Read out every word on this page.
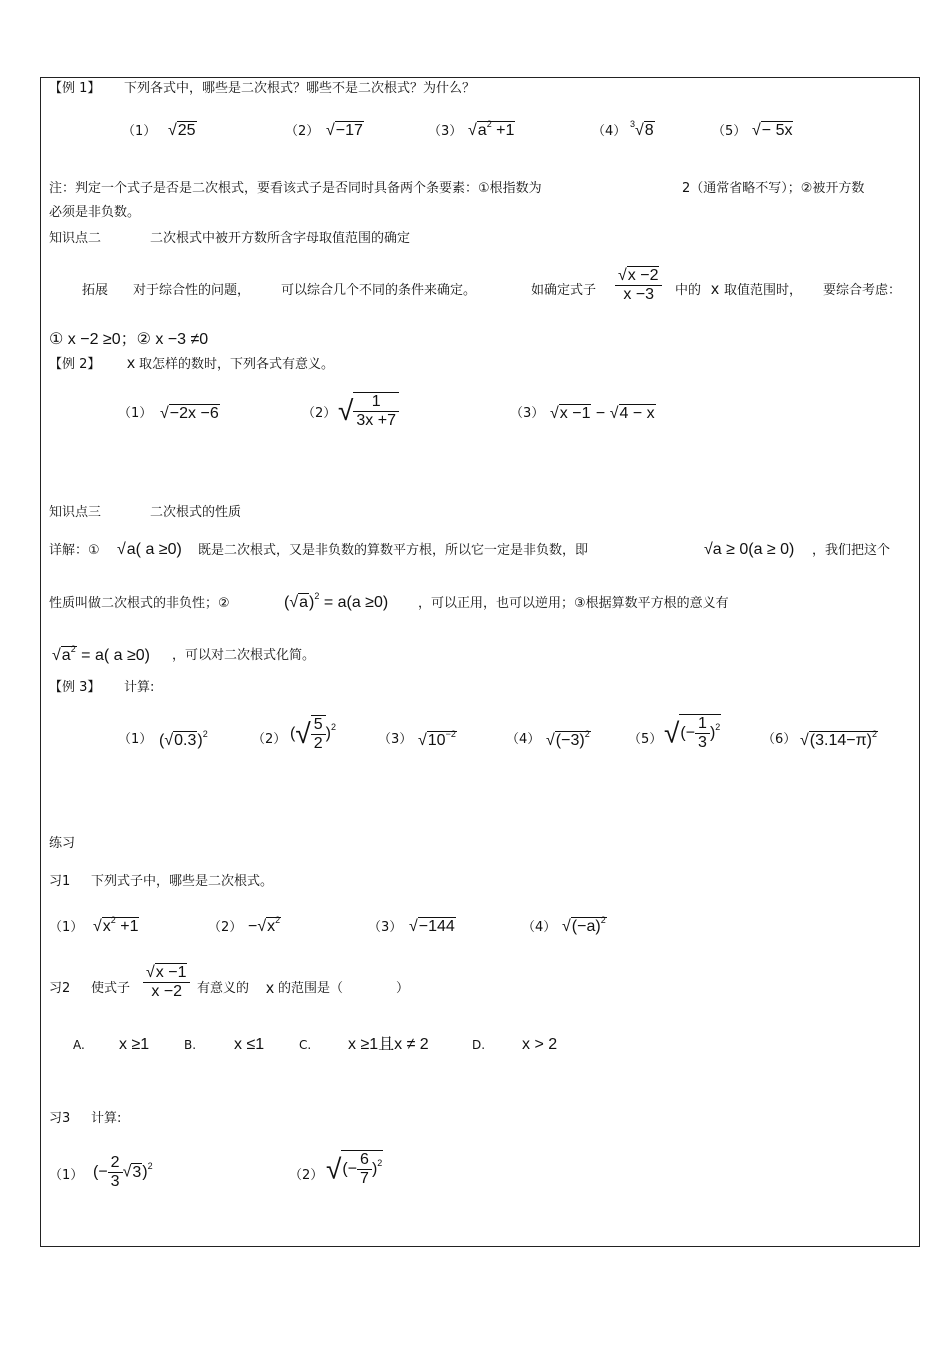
【例 1】 下列各式中，哪些是二次根式？哪些不是二次根式？为什么？
（1） √25	（2） √−17	（3） $√a^2 +1$	（4） $^3$√8	（5） √− 5x
注：判定一个式子是否是二次根式，要看该式子是否同时具备两个条要素：①根指数为	2（通常省略不写）；②被开方数
必须是非负数。
知识点二	二次根式中被开方数所含字母取值范围的确定
拓展 对于综合性的问题， 可以综合几个不同的条件来确定。	如确定式子 $\frac{√x -2}{x -3}$ 中的 x 取值范围时， 要综合考虑：
① x −2 ≥0；② x −3 ≠0
【例 2】 x 取怎样的数时，下列各式有意义。
（1） √−2x −6	（2） √ $\frac{1}{3x +7}$	（3） √x −1 − √4 − x
知识点三	二次根式的性质
详解：① √a( a ≥0) 既是二次根式，又是非负数的算数平方根，所以它一定是非负数，即	√a ≥ 0(a ≥ 0) ，我们把这个
性质叫做二次根式的非负性；②	$(√a)^2 = a(a \ge 0)$ ，可以正用，也可以逆用；③根据算数平方根的意义有
$√a^2 = a$( a ≥0) ，可以对二次根式化简。
【例 3】 计算:
（1） $(√0.3)^2$	（2） (√ $\frac{5}{2} )^2$
（3） $√10^{-2}$	（4） $√(-3)^2$	（5） √(− $\frac{1}{3} )^2$
（6） $√(3.14-\pi)^2$
练习
习1 下列式子中，哪些是二次根式。
（1） $√x^2 +1$	$(2) -√x^2$	（3） √−144	（4） $√(-a)^2$
习2 使式子 $\frac{√x -1}{x -2}$ 有意义的 x 的范围是（	）
A. x ≥1	B. x ≤1	C. x ≥1且x ≠ 2	D. x > 2
习3 计算:
（1） (− $\frac{2}{3} √3)^2$
（2） √(− $\frac{6}{7} )^2$
